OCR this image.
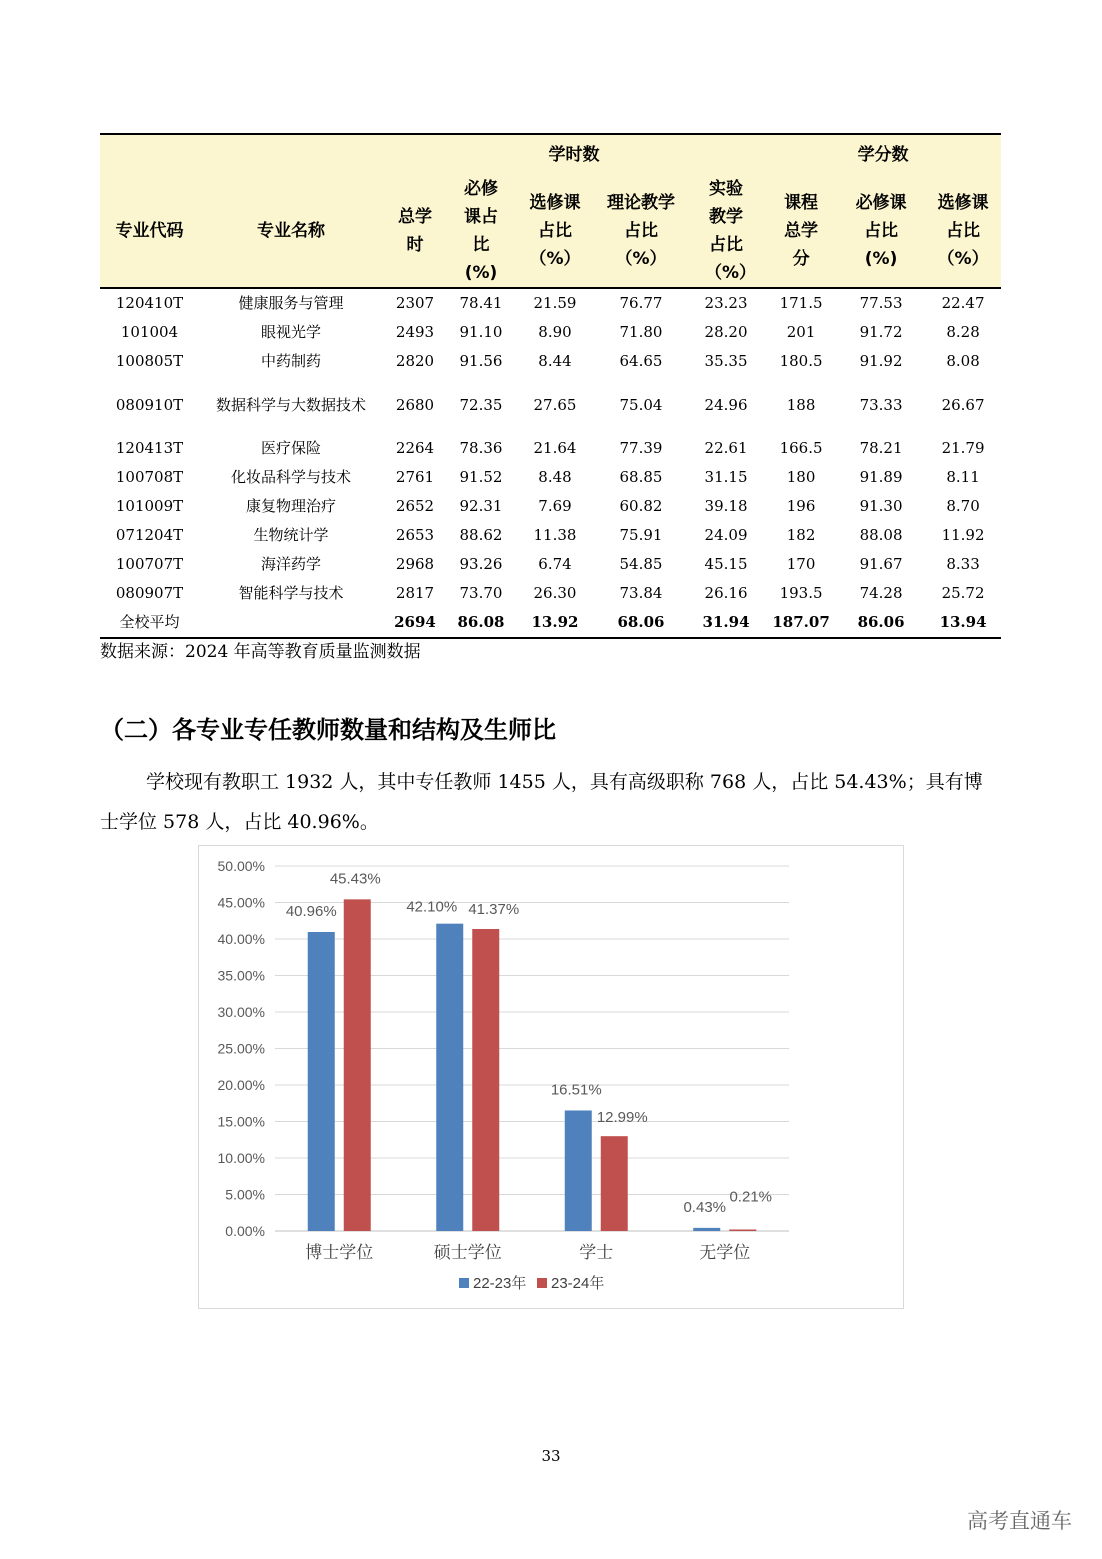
		学时数					学分数		
专业代码	专业名称	总学时	必修课占比(%)	选修课占比（%）	理论教学占比（%）	实验教学占比（%）	课程总学分	必修课占比(%)	选修课占比（%）
120410T	健康服务与管理	2307	78.41	21.59	76.77	23.23	171.5	77.53	22.47
101004	眼视光学	2493	91.10	8.90	71.80	28.20	201	91.72	8.28
100805T	中药制药	2820	91.56	8.44	64.65	35.35	180.5	91.92	8.08
080910T	数据科学与大数据技术	2680	72.35	27.65	75.04	24.96	188	73.33	26.67
120413T	医疗保险	2264	78.36	21.64	77.39	22.61	166.5	78.21	21.79
100708T	化妆品科学与技术	2761	91.52	8.48	68.85	31.15	180	91.89	8.11
101009T	康复物理治疗	2652	92.31	7.69	60.82	39.18	196	91.30	8.70
071204T	生物统计学	2653	88.62	11.38	75.91	24.09	182	88.08	11.92
100707T	海洋药学	2968	93.26	6.74	54.85	45.15	170	91.67	8.33
080907T	智能科学与技术	2817	73.70	26.30	73.84	26.16	193.5	74.28	25.72
全校平均		2694	86.08	13.92	68.06	31.94	187.07	86.06	13.94
数据来源：2024 年高等教育质量监测数据
（二）各专业专任教师数量和结构及生师比
学校现有教职工 1932 人，其中专任教师 1455 人，具有高级职称 768 人，占比 54.43%；具有博士学位 578 人，占比 40.96%。
0.00%
5.00%
10.00%
15.00%
20.00%
25.00%
30.00%
35.00%
40.00%
45.00%
50.00%
博士学位
40.96%
45.43%
硕士学位
42.10% 41.37%
学士
16.51%
12.99%
无学位
0.43%
0.21%
22-23年 23-24年
33
高考直通车
